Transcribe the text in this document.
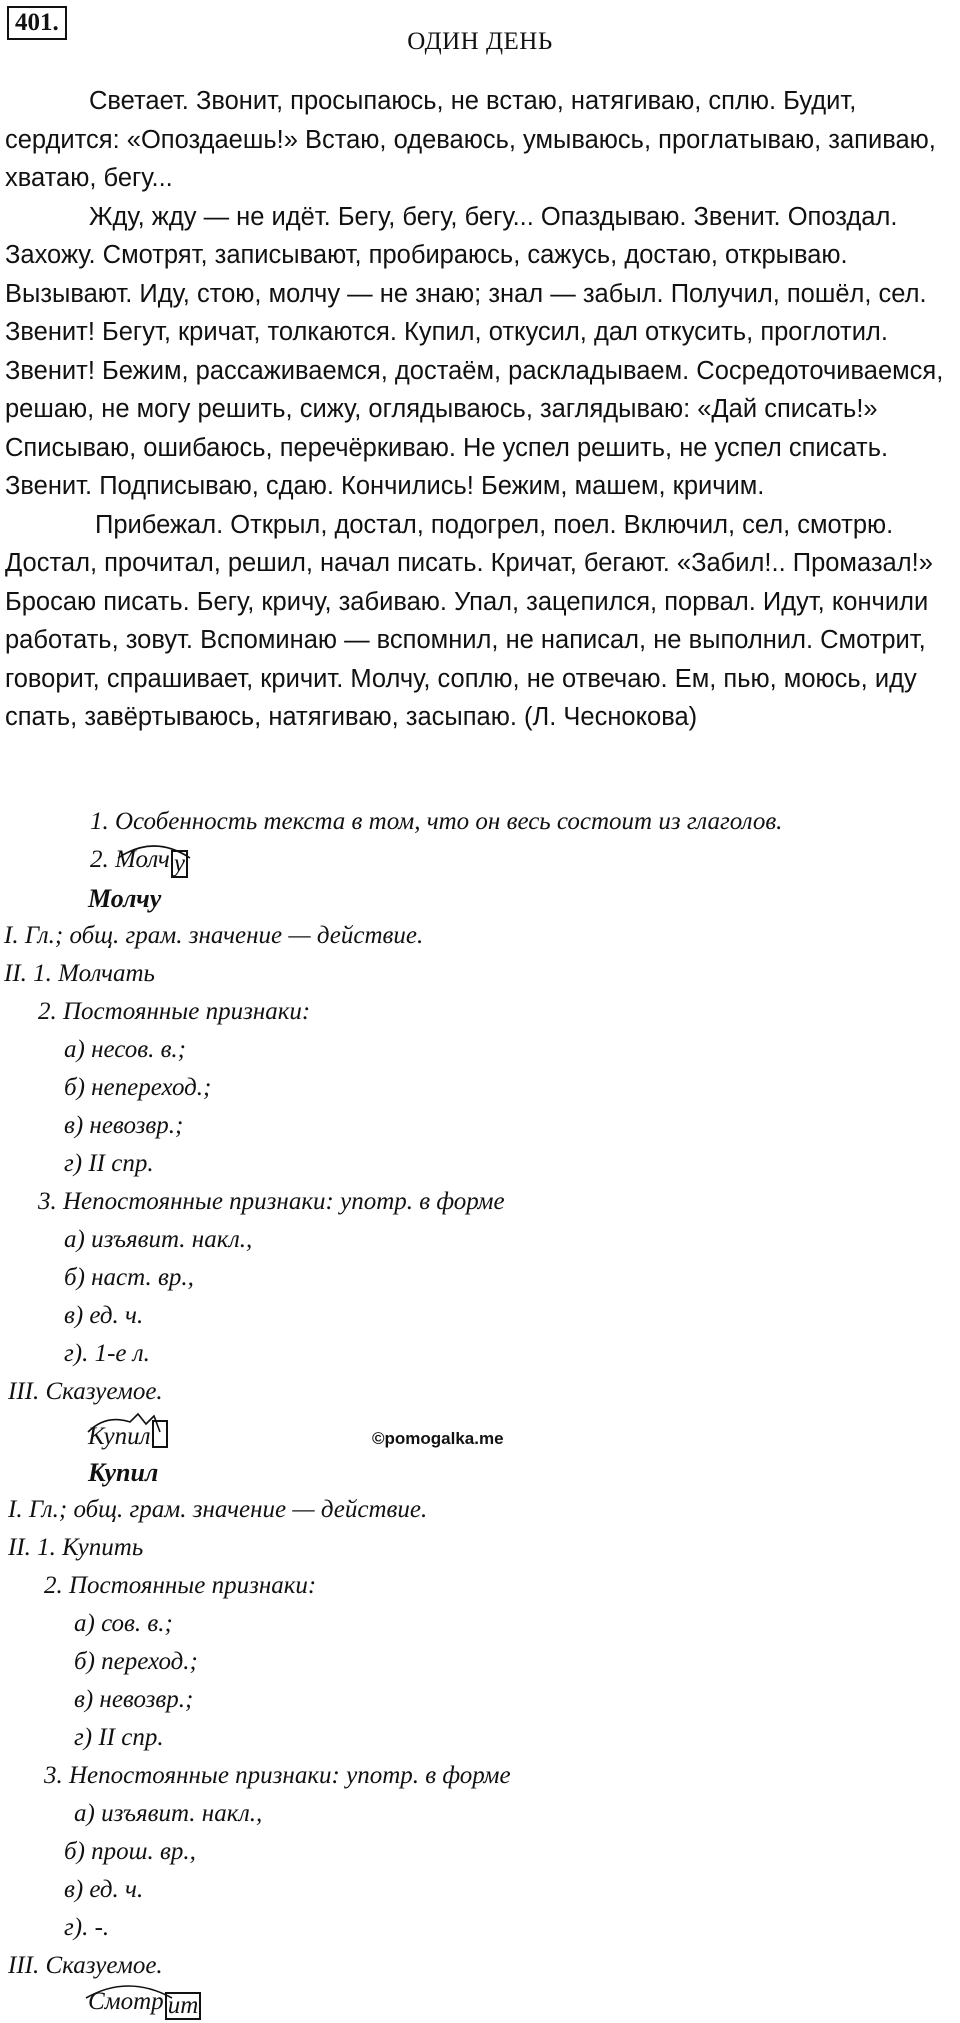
401.
ОДИН ДЕНЬ

Светает. Звонит, просыпаюсь, не встаю, натягиваю, сплю. Будит, сердится: «Опоздаешь!» Встаю, одеваюсь, умываюсь, проглатываю, запиваю, хватаю, бегу...

Жду, жду — не идёт. Бегу, бегу, бегу... Опаздываю. Звенит. Опоздал. Захожу. Смотрят, записывают, пробираюсь, сажусь, достаю, открываю. Вызывают. Иду, стою, молчу — не знаю; знал — забыл. Получил, пошёл, сел. Звенит! Бегут, кричат, толкаются. Купил, откусил, дал откусить, проглотил. Звенит! Бежим, рассаживаемся, достаём, раскладываем. Сосредоточиваемся, решаю, не могу решить, сижу, оглядываюсь, заглядываю: «Дай списать!» Списываю, ошибаюсь, перечёркиваю. Не успел решить, не успел списать. Звенит. Подписываю, сдаю. Кончились! Бежим, машем, кричим.

Прибежал. Открыл, достал, подогрел, поел. Включил, сел, смотрю. Достал, прочитал, решил, начал писать. Кричат, бегают. «Забил!.. Промазал!» Бросаю писать. Бегу, кричу, забиваю. Упал, зацепился, порвал. Идут, кончили работать, зовут. Вспоминаю — вспомнил, не написал, не выполнил. Смотрит, говорит, спрашивает, кричит. Молчу, соплю, не отвечаю. Ем, пью, моюсь, иду спать, завёртываюсь, натягиваю, засыпаю. (Л. Чеснокова)

1. Особенность текста в том, что он весь состоит из глаголов.
2. Молч у
Молчу
I. Гл.; общ. грам. значение — действие.
II. 1. Молчать
2. Постоянные признаки:
а) несов. в.;
б) непереход.;
в) невозвр.;
г) II спр.
3. Непостоянные признаки: употр. в форме
а) изъявит. накл.,
б) наст. вр.,
в) ед. ч.
г). 1-е л.
III. Сказуемое.
Купил	©pomogalka.me
Купил
I. Гл.; общ. грам. значение — действие.
II. 1. Купить
2. Постоянные признаки:
а) сов. в.;
б) переход.;
в) невозвр.;
г) II спр.
3. Непостоянные признаки: употр. в форме
а) изъявит. накл.,
б) прош. вр.,
в) ед. ч.
г). -.
III. Сказуемое.
Смотр ит
